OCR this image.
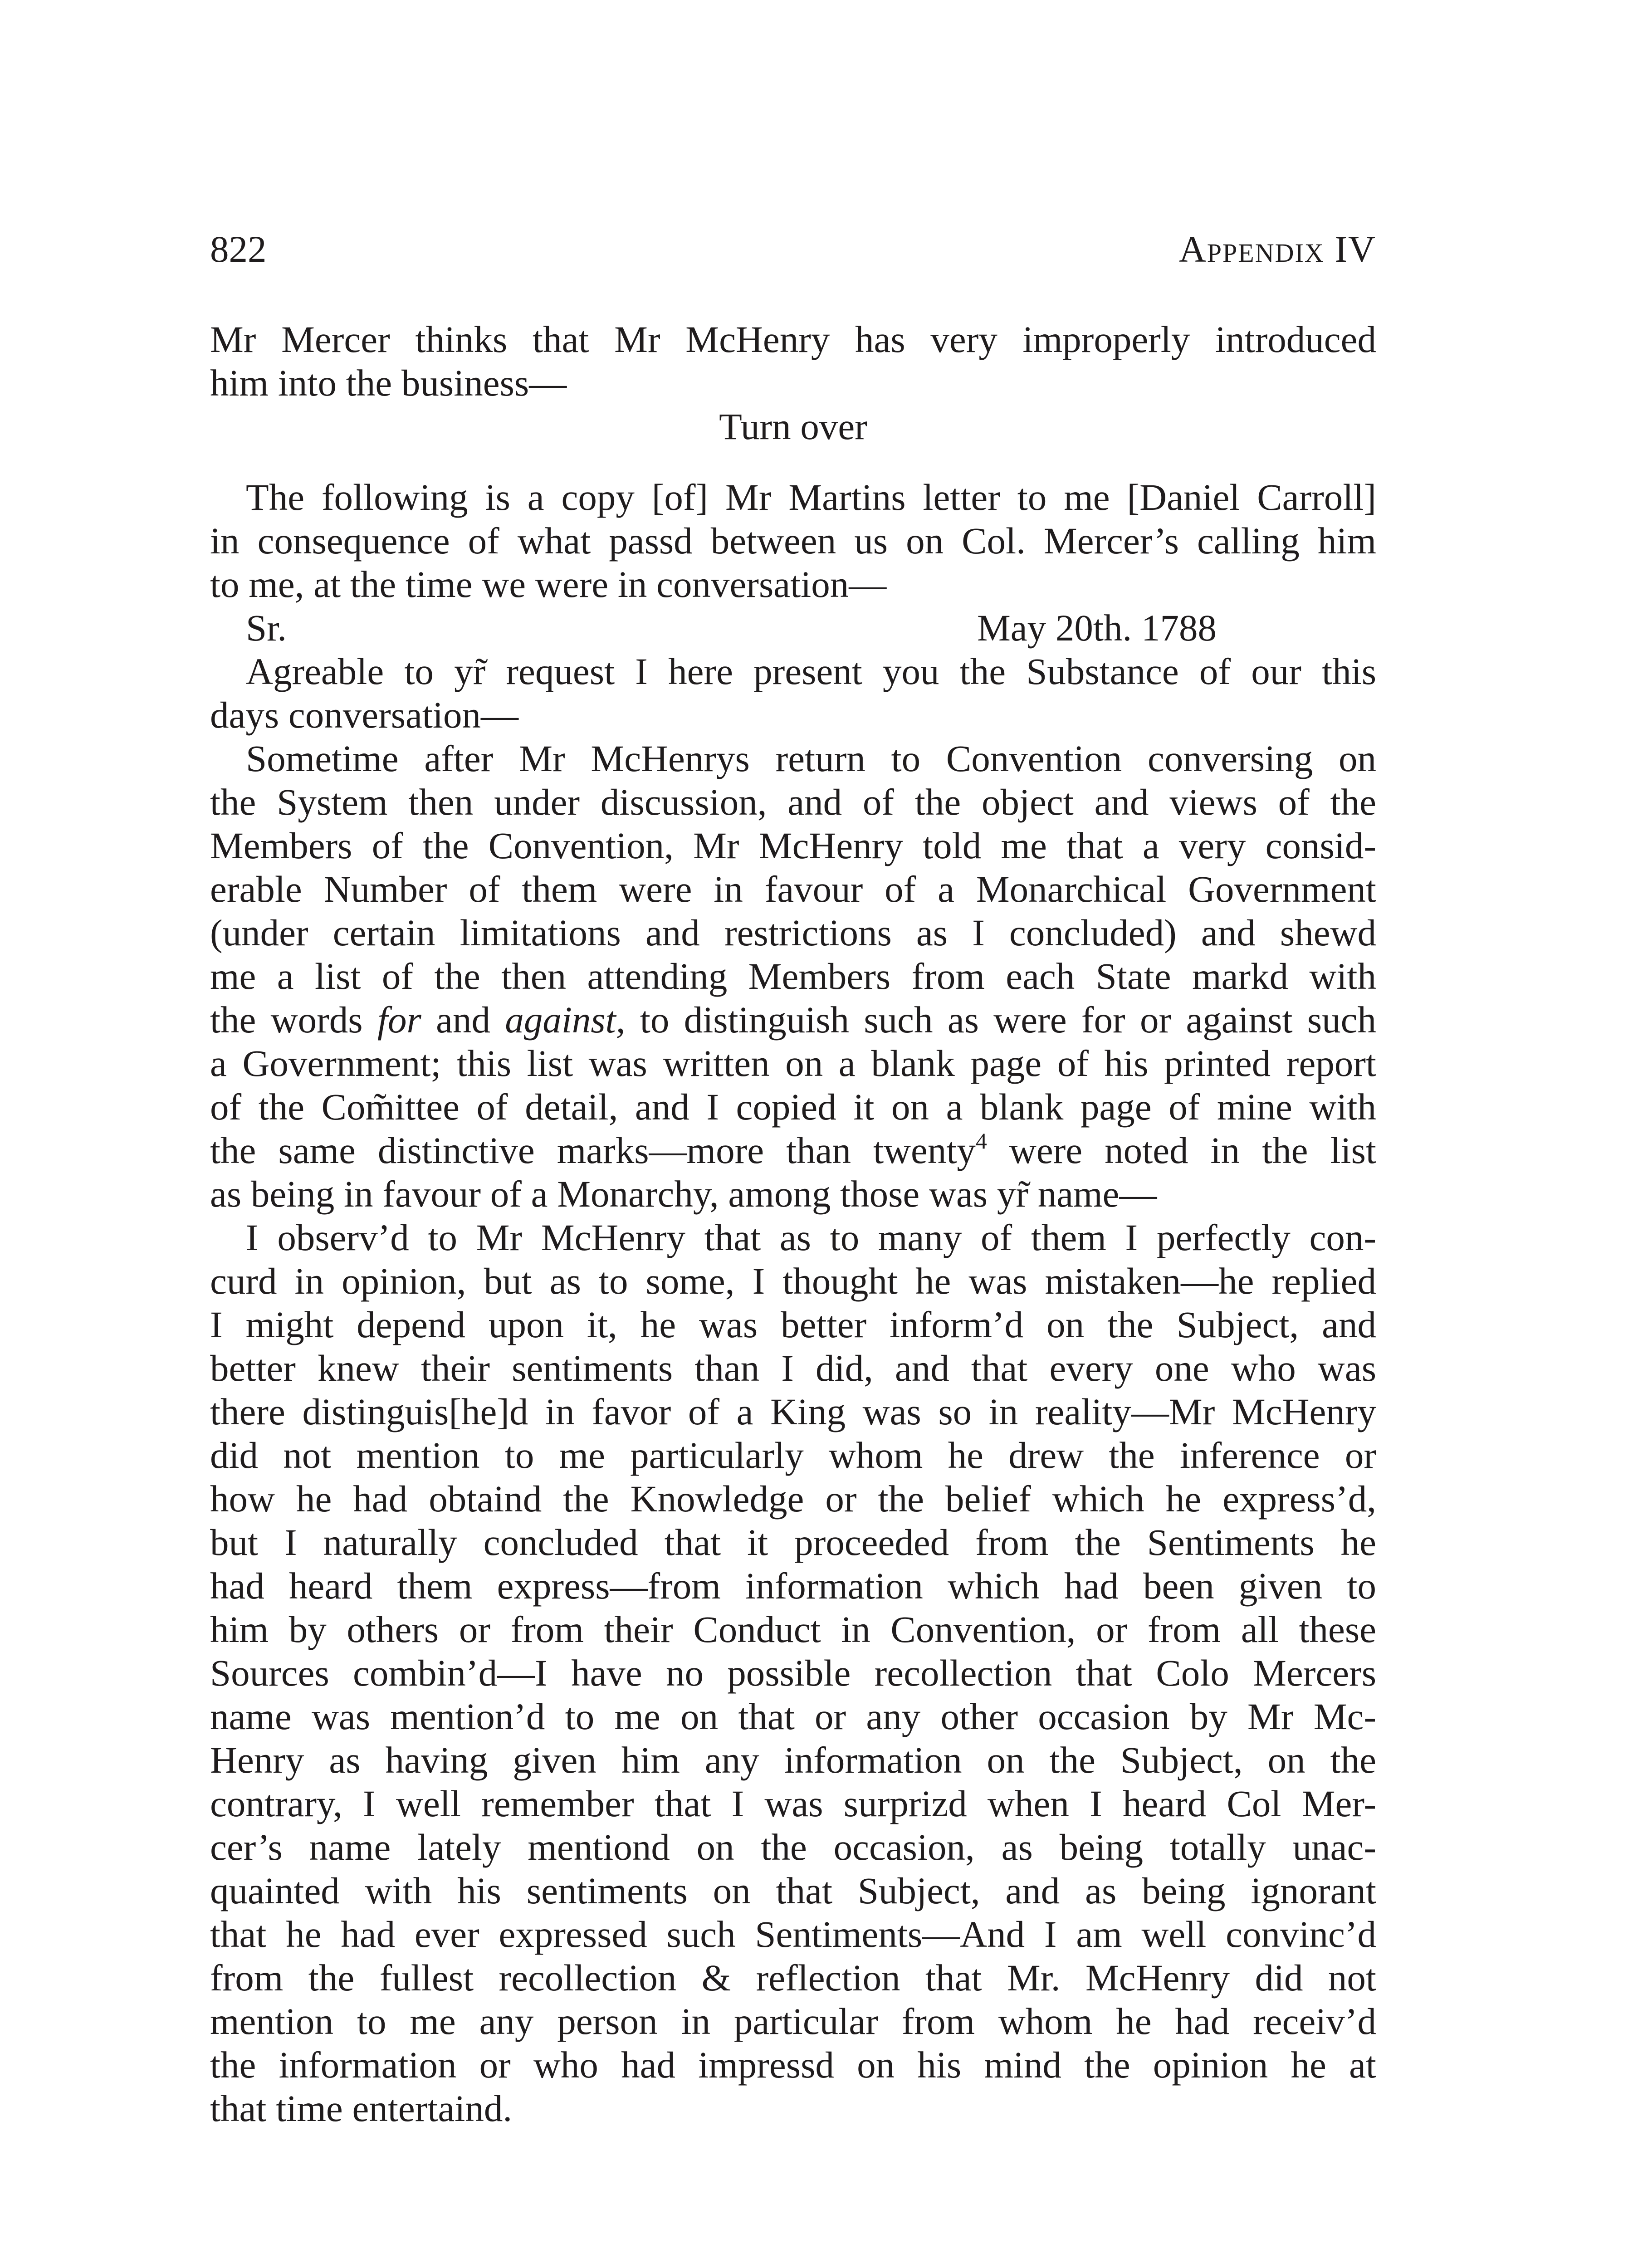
822	Appendix IV
Mr Mercer thinks that Mr McHenry has very improperly introduced
him into the business—
Turn over
The following is a copy [of] Mr Martins letter to me [Daniel Carroll]
in consequence of what passd between us on Col. Mercer’s calling him
to me, at the time we were in conversation—
Sr.	May 20th. 1788
Agreable to yr̃ request I here present you the Substance of our this
days conversation—
Sometime after Mr McHenrys return to Convention conversing on
the System then under discussion, and of the object and views of the
Members of the Convention, Mr McHenry told me that a very consid-
erable Number of them were in favour of a Monarchical Government
(under certain limitations and restrictions as I concluded) and shewd
me a list of the then attending Members from each State markd with
the words for and against, to distinguish such as were for or against such
a Government; this list was written on a blank page of his printed report
of the Com̃ittee of detail, and I copied it on a blank page of mine with
the same distinctive marks—more than twenty$^4$ were noted in the list
as being in favour of a Monarchy, among those was yr̃ name—
I observ’d to Mr McHenry that as to many of them I perfectly con-
curd in opinion, but as to some, I thought he was mistaken—he replied
I might depend upon it, he was better inform’d on the Subject, and
better knew their sentiments than I did, and that every one who was
there distinguis[he]d in favor of a King was so in reality—Mr McHenry
did not mention to me particularly whom he drew the inference or
how he had obtaind the Knowledge or the belief which he express’d,
but I naturally concluded that it proceeded from the Sentiments he
had heard them express—from information which had been given to
him by others or from their Conduct in Convention, or from all these
Sources combin’d—I have no possible recollection that Colo Mercers
name was mention’d to me on that or any other occasion by Mr Mc-
Henry as having given him any information on the Subject, on the
contrary, I well remember that I was surprizd when I heard Col Mer-
cer’s name lately mentiond on the occasion, as being totally unac-
quainted with his sentiments on that Subject, and as being ignorant
that he had ever expressed such Sentiments—And I am well convinc’d
from the fullest recollection & reflection that Mr. McHenry did not
mention to me any person in particular from whom he had receiv’d
the information or who had impressd on his mind the opinion he at
that time entertaind.
